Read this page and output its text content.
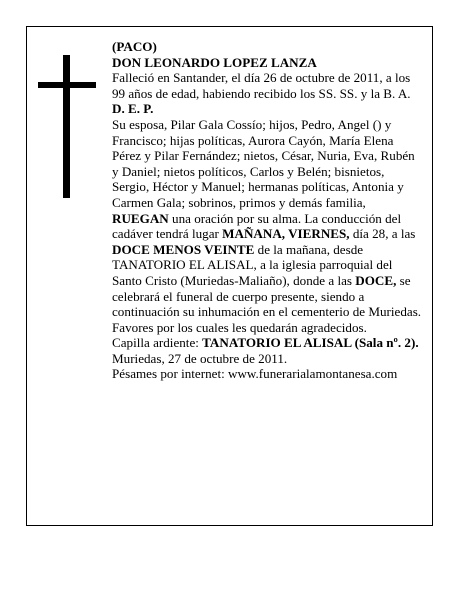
(PACO)

DON LEONARDO LOPEZ LANZA

Falleció en Santander, el día 26 de octubre de 2011, a los 99 años de edad, habiendo recibido los SS. SS. y la B. A.

D. E. P.

Su esposa, Pilar Gala Cossío; hijos, Pedro, Angel () y Francisco; hijas políticas, Aurora Cayón, María Elena Pérez y Pilar Fernández; nietos, César, Nuria, Eva, Rubén y Daniel; nietos políticos, Carlos y Belén; bisnietos, Sergio, Héctor y Manuel; hermanas políticas, Antonia y Carmen Gala; sobrinos, primos y demás familia,

RUEGAN una oración por su alma. La conducción del cadáver tendrá lugar MAÑANA, VIERNES, día 28, a las DOCE MENOS VEINTE de la mañana, desde TANATORIO EL ALISAL, a la iglesia parroquial del Santo Cristo (Muriedas-Maliaño), donde a las DOCE, se celebrará el funeral de cuerpo presente, siendo a continuación su inhumación en el cementerio de Muriedas. Favores por los cuales les quedarán agradecidos.

Capilla ardiente: TANATORIO EL ALISAL (Sala nº. 2).

Muriedas, 27 de octubre de 2011.

Pésames por internet: www.funerarialamontanesa.com
